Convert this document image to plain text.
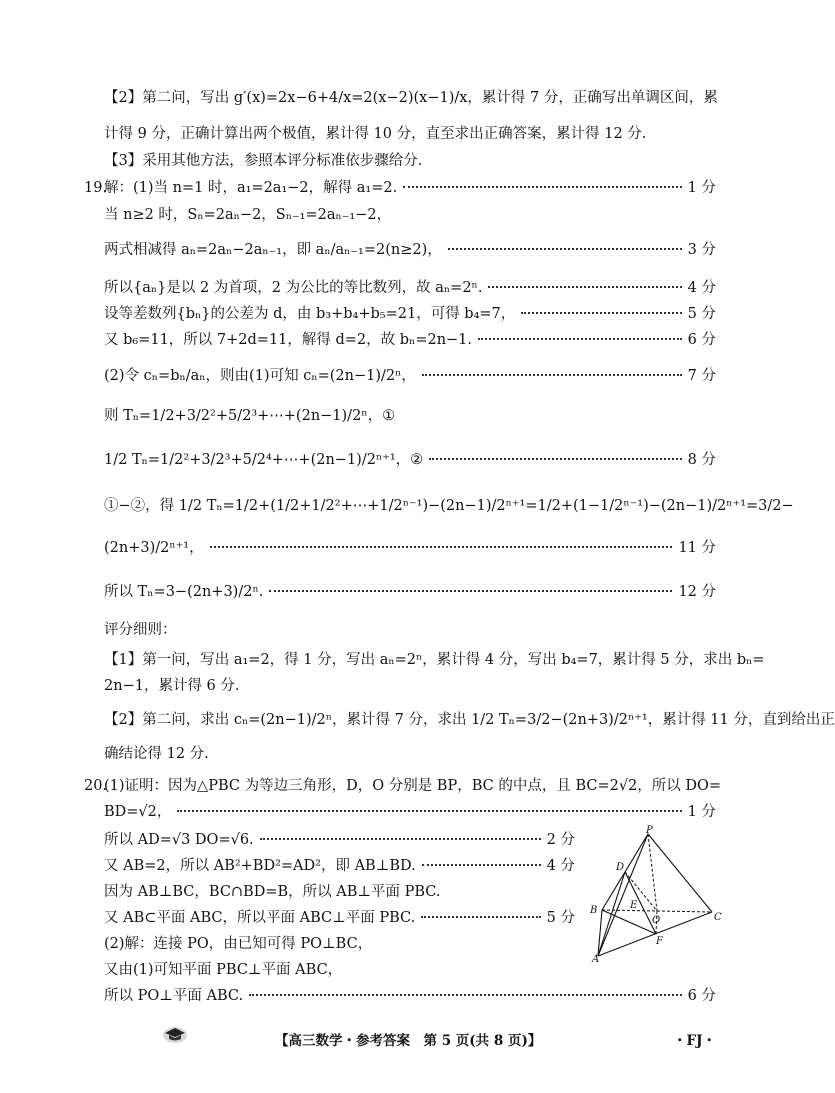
【2】第二问，写出 g′(x)=2x−6+4/x=2(x−2)(x−1)/x，累计得 7 分，正确写出单调区间，累
计得 9 分，正确计算出两个极值，累计得 10 分，直至求出正确答案，累计得 12 分.
【3】采用其他方法，参照本评分标准依步骤给分.
19.
解：(1)当 n=1 时，a₁=2a₁−2，解得 a₁=2.	1 分
当 n≥2 时，Sₙ=2aₙ−2，Sₙ₋₁=2aₙ₋₁−2，
两式相减得 aₙ=2aₙ−2aₙ₋₁，即 aₙ/aₙ₋₁=2(n≥2)，	3 分
所以{aₙ}是以 2 为首项，2 为公比的等比数列，故 aₙ=2ⁿ.	4 分
设等差数列{bₙ}的公差为 d，由 b₃+b₄+b₅=21，可得 b₄=7，	5 分
又 b₆=11，所以 7+2d=11，解得 d=2，故 bₙ=2n−1.	6 分
(2)令 cₙ=bₙ/aₙ，则由(1)可知 cₙ=(2n−1)/2ⁿ，	7 分
则 Tₙ=1/2+3/2²+5/2³+⋯+(2n−1)/2ⁿ，①
1/2 Tₙ=1/2²+3/2³+5/2⁴+⋯+(2n−1)/2ⁿ⁺¹，②	8 分
①−②，得 1/2 Tₙ=1/2+(1/2+1/2²+⋯+1/2ⁿ⁻¹)−(2n−1)/2ⁿ⁺¹=1/2+(1−1/2ⁿ⁻¹)−(2n−1)/2ⁿ⁺¹=3/2−
(2n+3)/2ⁿ⁺¹，	11 分
所以 Tₙ=3−(2n+3)/2ⁿ.	12 分
评分细则：
【1】第一问，写出 a₁=2，得 1 分，写出 aₙ=2ⁿ，累计得 4 分，写出 b₄=7，累计得 5 分，求出 bₙ=
2n−1，累计得 6 分.
【2】第二问，求出 cₙ=(2n−1)/2ⁿ，累计得 7 分，求出 1/2 Tₙ=3/2−(2n+3)/2ⁿ⁺¹，累计得 11 分，直到给出正
确结论得 12 分.
20.
(1)证明：因为△PBC 为等边三角形，D，O 分别是 BP，BC 的中点，且 BC=2√2，所以 DO=
BD=√2，	1 分
所以 AD=√3 DO=√6.	2 分
又 AB=2，所以 AB²+BD²=AD²，即 AB⊥BD.	4 分
因为 AB⊥BC，BC∩BD=B，所以 AB⊥平面 PBC.
又 AB⊂平面 ABC，所以平面 ABC⊥平面 PBC.	5 分
(2)解：连接 PO，由已知可得 PO⊥BC，
又由(1)可知平面 PBC⊥平面 ABC，
所以 PO⊥平面 ABC.	6 分
P
D
B	E
O	C
F
A
【高三数学・参考答案　第 5 页(共 8 页)】	・FJ・
